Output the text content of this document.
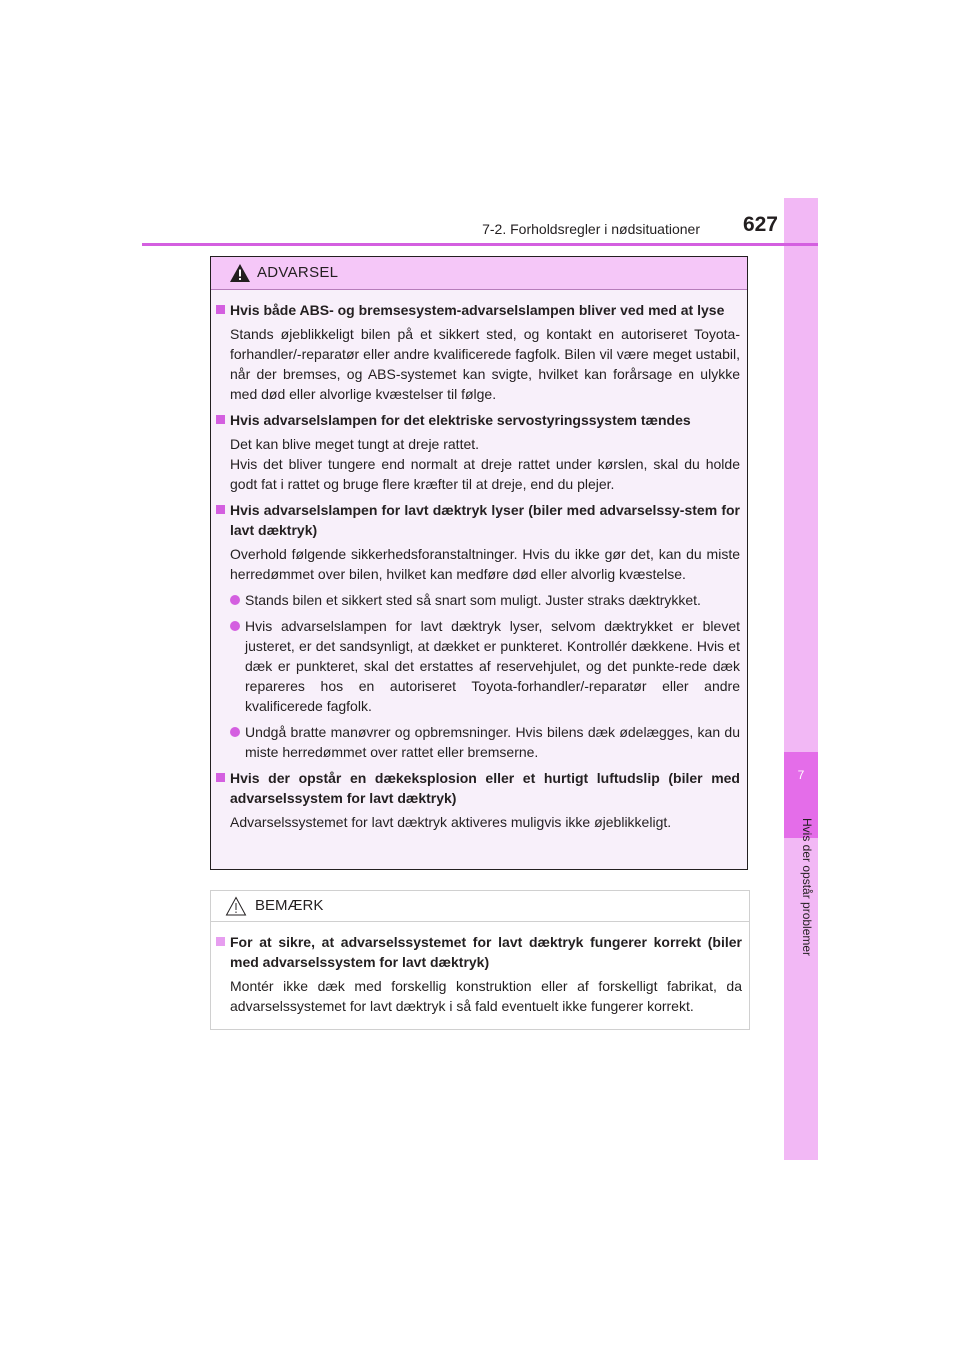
7
Hvis der opstår problemer
7-2. Forholdsregler i nødsituationer	627
ADVARSEL
Hvis både ABS- og bremsesystem-advarselslampen bliver ved med at lyse

Stands øjeblikkeligt bilen på et sikkert sted, og kontakt en autoriseret Toyota-forhandler/-reparatør eller andre kvalificerede fagfolk. Bilen vil være meget ustabil, når der bremses, og ABS-systemet kan svigte, hvilket kan forårsage en ulykke med død eller alvorlige kvæstelser til følge.

Hvis advarselslampen for det elektriske servostyringssystem tændes

Det kan blive meget tungt at dreje rattet.

Hvis det bliver tungere end normalt at dreje rattet under kørslen, skal du holde godt fat i rattet og bruge flere kræfter til at dreje, end du plejer.

Hvis advarselslampen for lavt dæktryk lyser (biler med advarselssy-stem for lavt dæktryk)

Overhold følgende sikkerhedsforanstaltninger. Hvis du ikke gør det, kan du miste herredømmet over bilen, hvilket kan medføre død eller alvorlig kvæstelse.

Stands bilen et sikkert sted så snart som muligt. Juster straks dæktrykket.
Hvis advarselslampen for lavt dæktryk lyser, selvom dæktrykket er blevet justeret, er det sandsynligt, at dækket er punkteret. Kontrollér dækkene. Hvis et dæk er punkteret, skal det erstattes af reservehjulet, og det punkte-rede dæk repareres hos en autoriseret Toyota-forhandler/-reparatør eller andre kvalificerede fagfolk.
Undgå bratte manøvrer og opbremsninger. Hvis bilens dæk ødelægges, kan du miste herredømmet over rattet eller bremserne.
Hvis der opstår en dækeksplosion eller et hurtigt luftudslip (biler med advarselssystem for lavt dæktryk)

Advarselssystemet for lavt dæktryk aktiveres muligvis ikke øjeblikkeligt.

BEMÆRK
For at sikre, at advarselssystemet for lavt dæktryk fungerer korrekt (biler med advarselssystem for lavt dæktryk)

Montér ikke dæk med forskellig konstruktion eller af forskelligt fabrikat, da advarselssystemet for lavt dæktryk i så fald eventuelt ikke fungerer korrekt.
